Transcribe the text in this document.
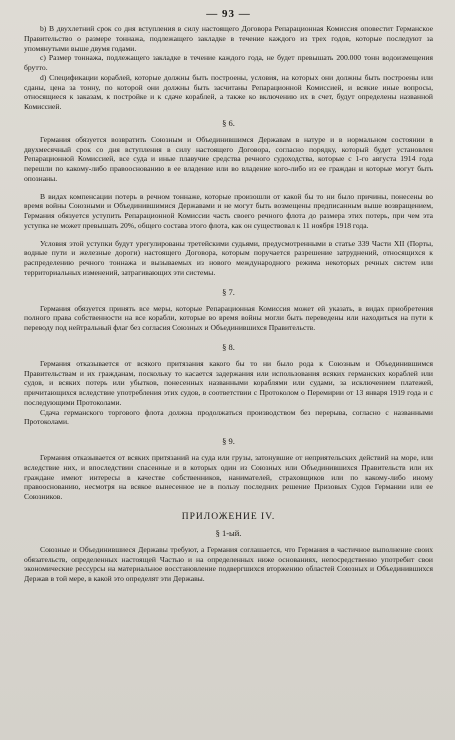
— 93 —

b) В двухлетний срок со дня вступления в силу настоящего Договора Репарационная Комиссия оповестит Германское Правительство о размере тоннажа, подлежащего закладке в течение каждого из трех годов, которые последуют за упомянутыми выше двумя годами.

c) Размер тоннажа, подлежащего закладке в течение каждого года, не будет превышать 200.000 тонн водоизмещения брутто.

d) Спецификации кораблей, которые должны быть построены, условия, на которых они должны быть построены или сданы, цена за тонну, по которой они должны быть засчитаны Репарационной Комиссией, и всякие иные вопросы, относящиеся к заказам, к постройке и к сдаче кораблей, а также ко включению их в счет, будут определены названной Комиссией.

§ 6.

Германия обязуется возвратить Союзным и Объединившимся Державам в натуре и в нормальном состоянии в двухмесячный срок со дня вступления в силу настоящего Договора, согласно порядку, который будет установлен Репарационной Комиссией, все суда и иные плавучие средства речного судоходства, которые с 1-го августа 1914 года перешли по какому-либо правооснованию в ее владение или во владение кого-либо из ее граждан и которые могут быть опознаны.

В видах компенсации потерь в речном тоннаже, которые произошли от какой бы то ни было причины, понесены во время войны Союзными и Объединившимися Державами и не могут быть возмещены предписанным выше возвращением, Германия обязуется уступить Репарационной Комиссии часть своего речного флота до размера этих потерь, при чем эта уступка не может превышать 20%, общего состава этого флота, как он существовал к 11 ноября 1918 года.

Условия этой уступки будут урегулированы третейскими судьями, предусмотренными в статье 339 Части XII (Порты, водные пути и железные дороги) настоящего Договора, которым поручается разрешение затруднений, относящихся к распределению речного тоннажа и вызываемых из нового международного режима некоторых речных систем или территориальных изменений, затрагивающих эти системы.

§ 7.

Германия обязуется принять все меры, которые Репарационная Комиссия может ей указать, в видах приобретения полного права собственности на все корабли, которые во время войны могли быть переведены или находиться на пути к переводу под нейтральный флаг без согласия Союзных и Объединившихся Правительств.

§ 8.

Германия отказывается от всякого притязания какого бы то ни было рода к Союзным и Объединившимся Правительствам и их гражданам, поскольку то касается задержания или использования всяких германских кораблей или судов, и всяких потерь или убытков, понесенных названными кораблями или судами, за исключением платежей, причитающихся вследствие употребления этих судов, в соответствии с Протоколом о Перемирии от 13 января 1919 года и с последующими Протоколами.

Сдача германского торгового флота должна продолжаться производством без перерыва, согласно с названными Протоколами.

§ 9.

Германия отказывается от всяких притязаний на суда или грузы, затонувшие от неприятельских действий на море, или вследствие них, и впоследствии спасенные и в которых один из Союзных или Объединившихся Правительств или их граждане имеют интересы в качестве собственников, нанимателей, страховщиков или по какому-либо иному правооснованию, несмотря на всякое вынесенное не в пользу последних решение Призовых Судов Германии или ее Союзников.

ПРИЛОЖЕНИЕ IV.
§ 1-ый.

Союзные и Объединившиеся Державы требуют, а Германия соглашается, что Германия в частичное выполнение своих обязательств, определенных настоящей Частью и на определенных ниже основаниях, непосредственно употребит свои экономические рессурсы на материальное восстановление подвергшихся вторжению областей Союзных и Объединившихся Держав в той мере, в какой это определят эти Державы.
